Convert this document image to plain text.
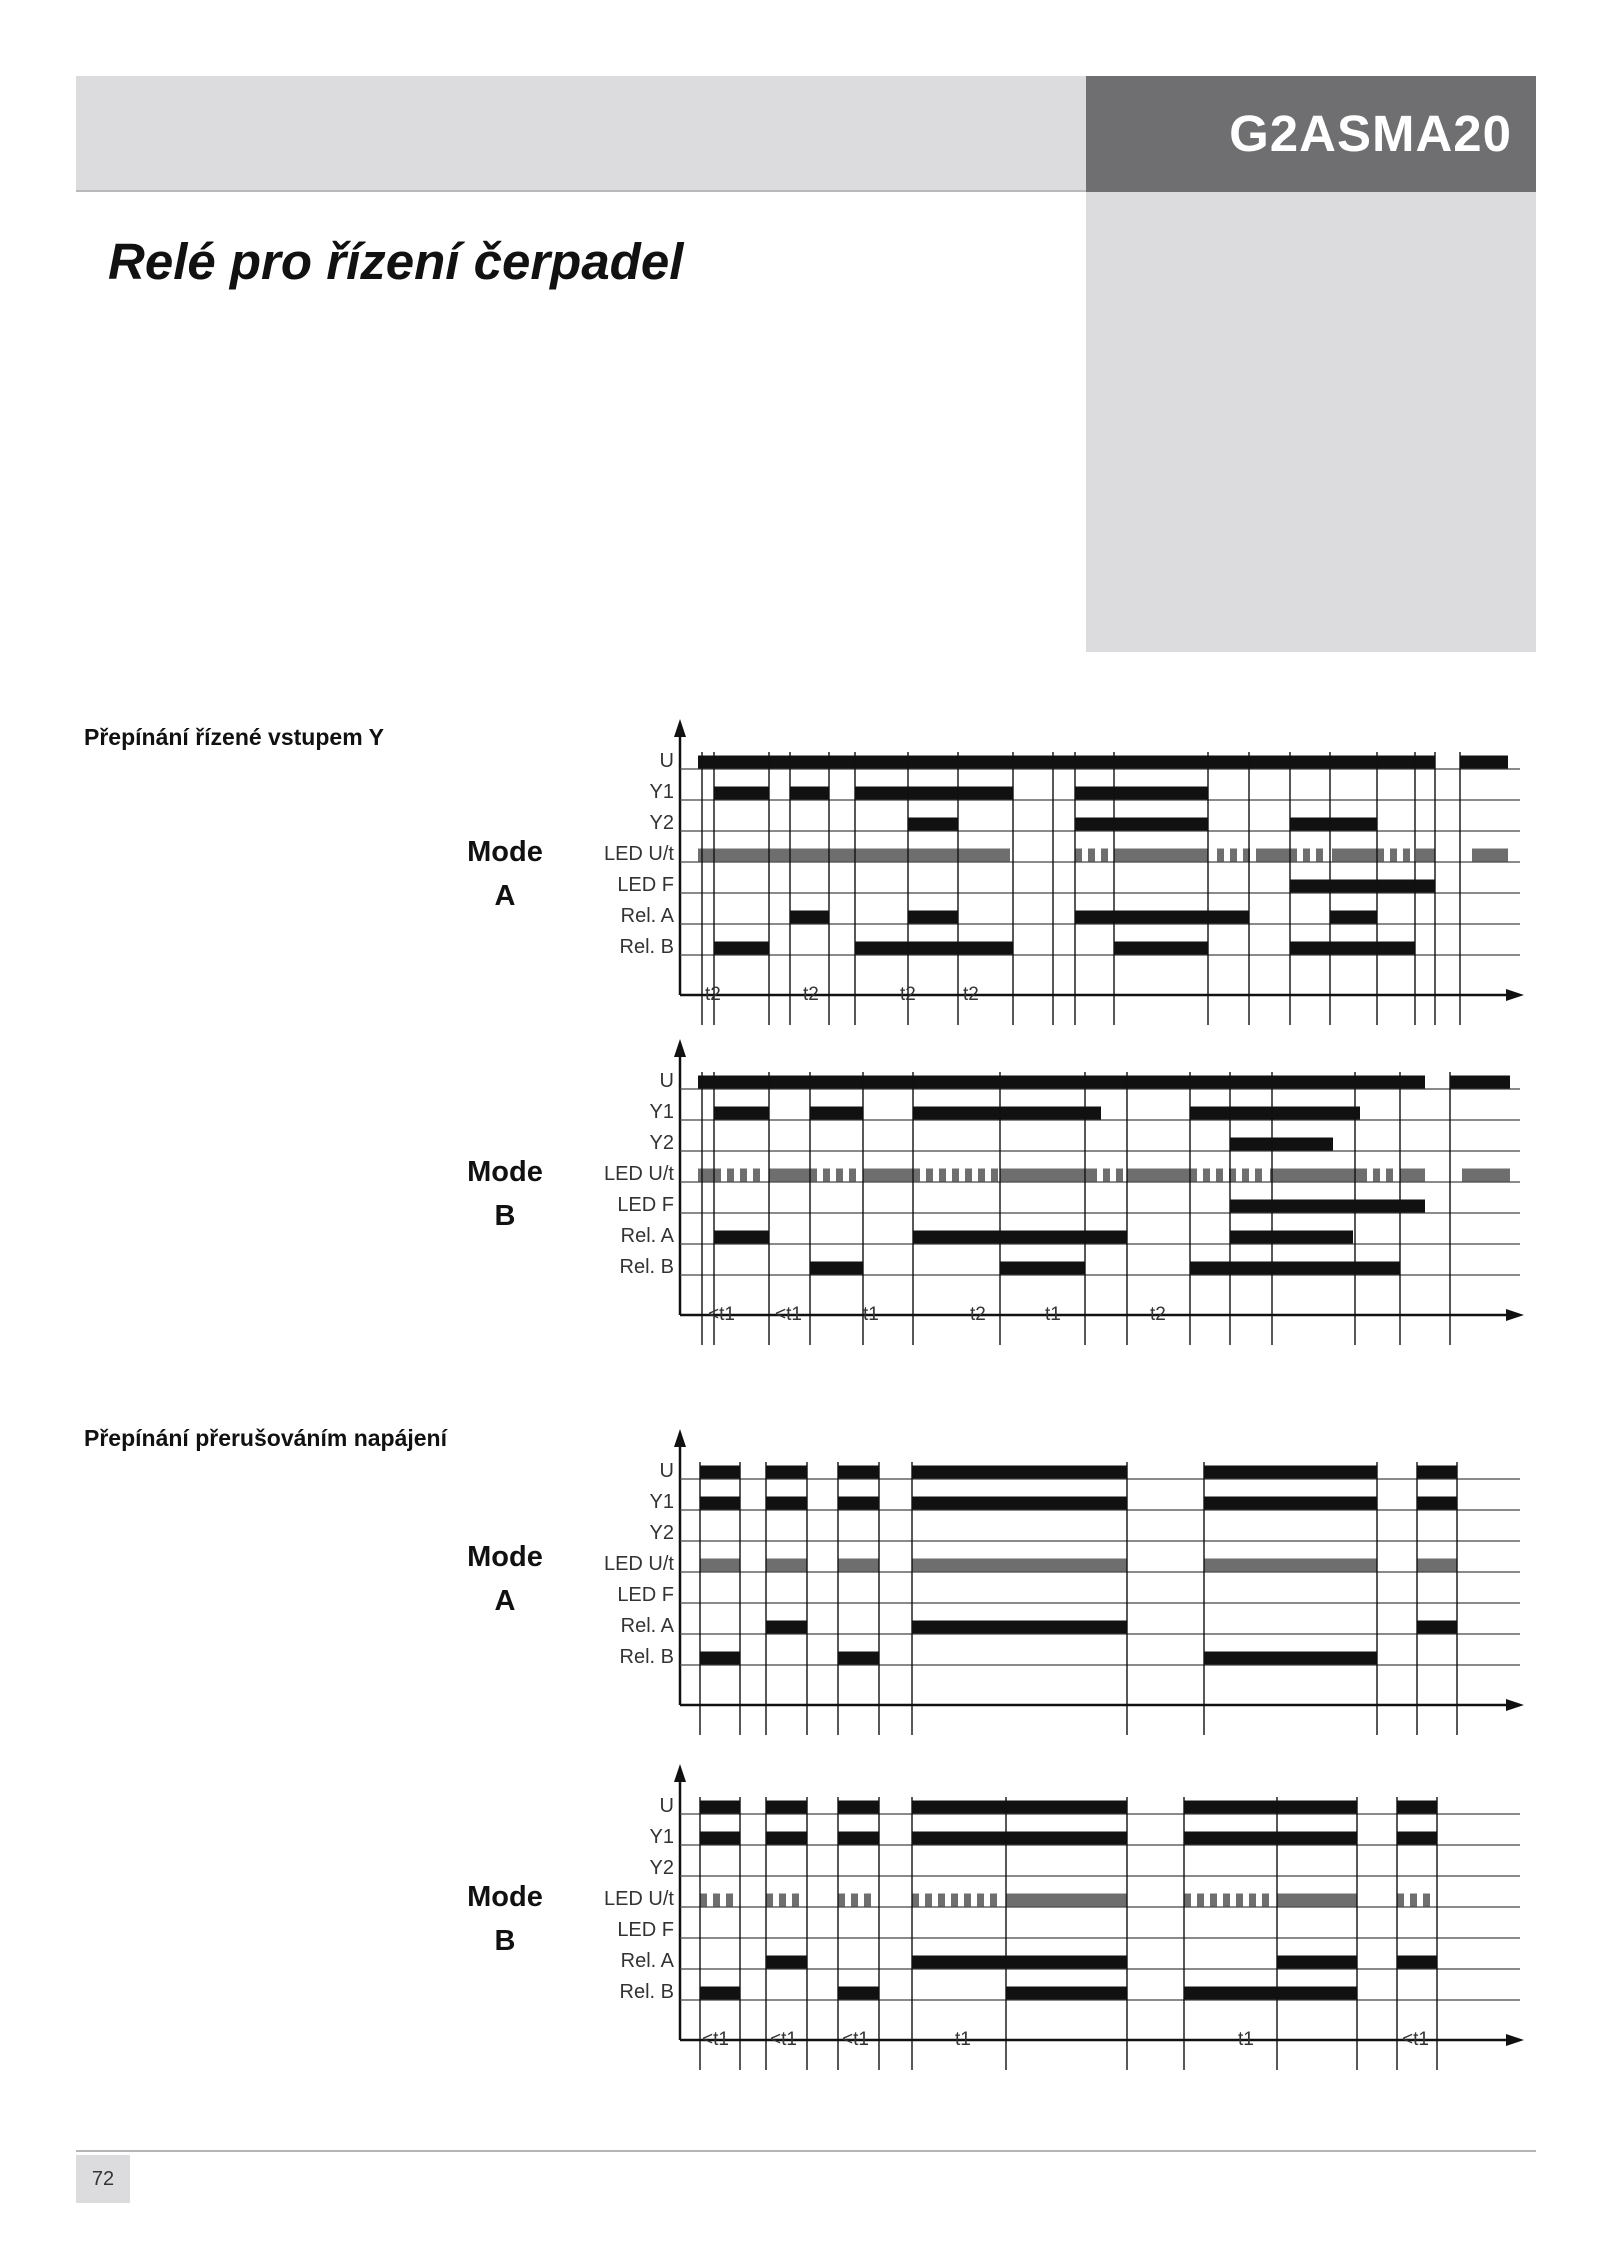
G2ASMA20
Relé pro řízení čerpadel
Přepínání řízené vstupem Y
Přepínání přerušováním napájení
Mode
A
Mode
B
Mode
A
Mode
B
U
Y1
Y2
LED U/t
LED F
Rel. A
Rel. B
t2	t2	t2 t2
U
Y1
Y2
LED U/t
LED F
Rel. A
Rel. B
<t1 <t1	t1	t2	t1	t2
U
Y1
Y2
LED U/t
LED F
Rel. A
Rel. B
U
Y1
Y2
LED U/t
LED F
Rel. A
Rel. B
<t1 <t1 <t1	t1	t1	<t1
72
